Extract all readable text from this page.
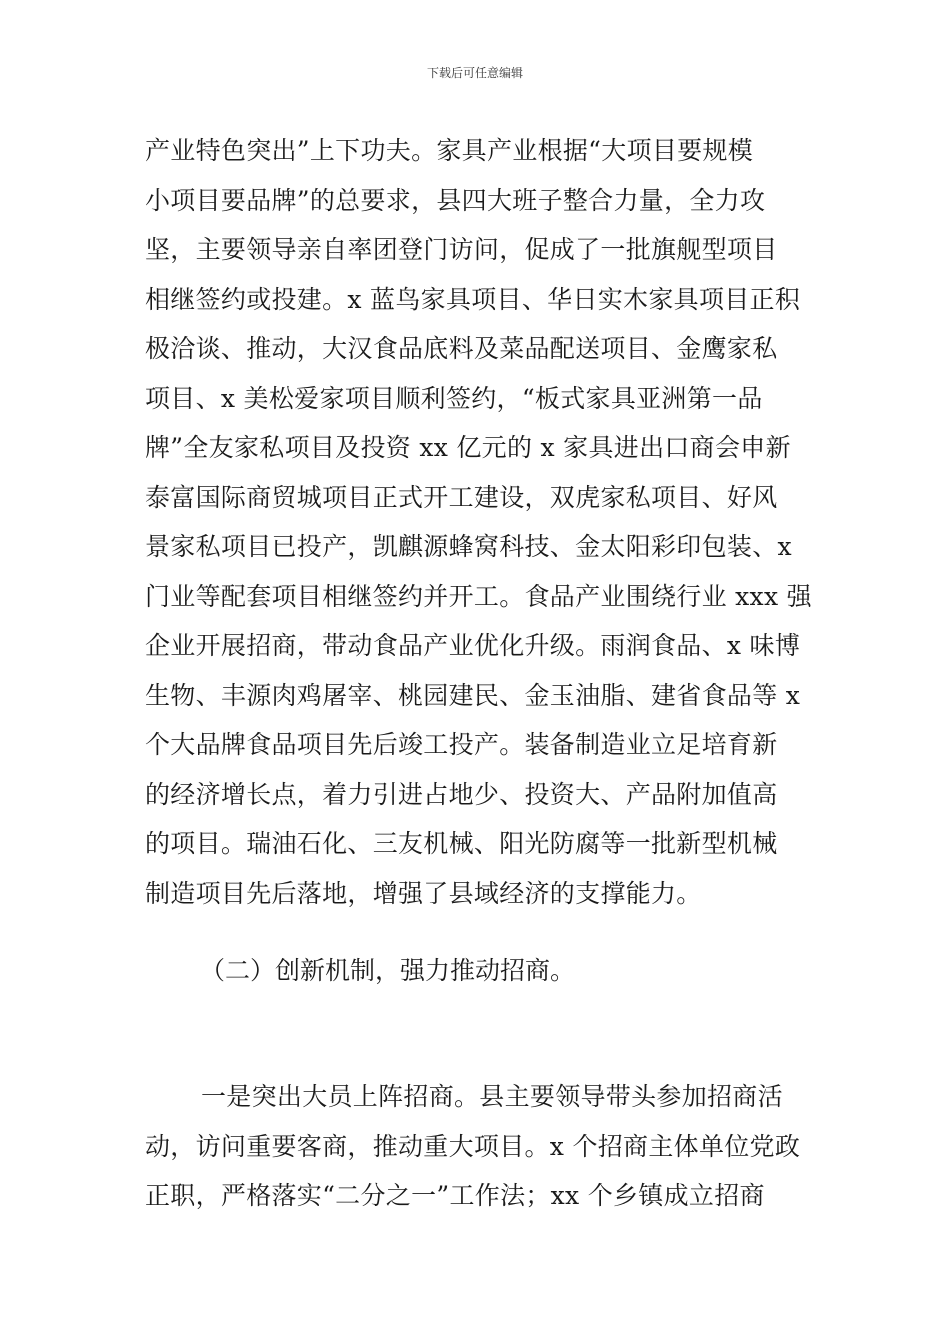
下载后可任意编辑
产业特色突出”上下功夫。家具产业根据“大项目要规模
小项目要品牌”的总要求，县四大班子整合力量，全力攻
坚，主要领导亲自率团登门访问，促成了一批旗舰型项目
相继签约或投建。x 蓝鸟家具项目、华日实木家具项目正积
极洽谈、推动，大汉食品底料及菜品配送项目、金鹰家私
项目、x 美松爱家项目顺利签约，“板式家具亚洲第一品
牌”全友家私项目及投资 xx 亿元的 x 家具进出口商会申新
泰富国际商贸城项目正式开工建设，双虎家私项目、好风
景家私项目已投产，凯麒源蜂窝科技、金太阳彩印包装、x
门业等配套项目相继签约并开工。食品产业围绕行业 xxx 强
企业开展招商，带动食品产业优化升级。雨润食品、x 味博
生物、丰源肉鸡屠宰、桃园建民、金玉油脂、建省食品等 x
个大品牌食品项目先后竣工投产。装备制造业立足培育新
的经济增长点，着力引进占地少、投资大、产品附加值高
的项目。瑞油石化、三友机械、阳光防腐等一批新型机械
制造项目先后落地，增强了县域经济的支撑能力。
（二）创新机制，强力推动招商。
一是突出大员上阵招商。县主要领导带头参加招商活
动，访问重要客商，推动重大项目。x 个招商主体单位党政
正职，严格落实“二分之一”工作法；xx 个乡镇成立招商
